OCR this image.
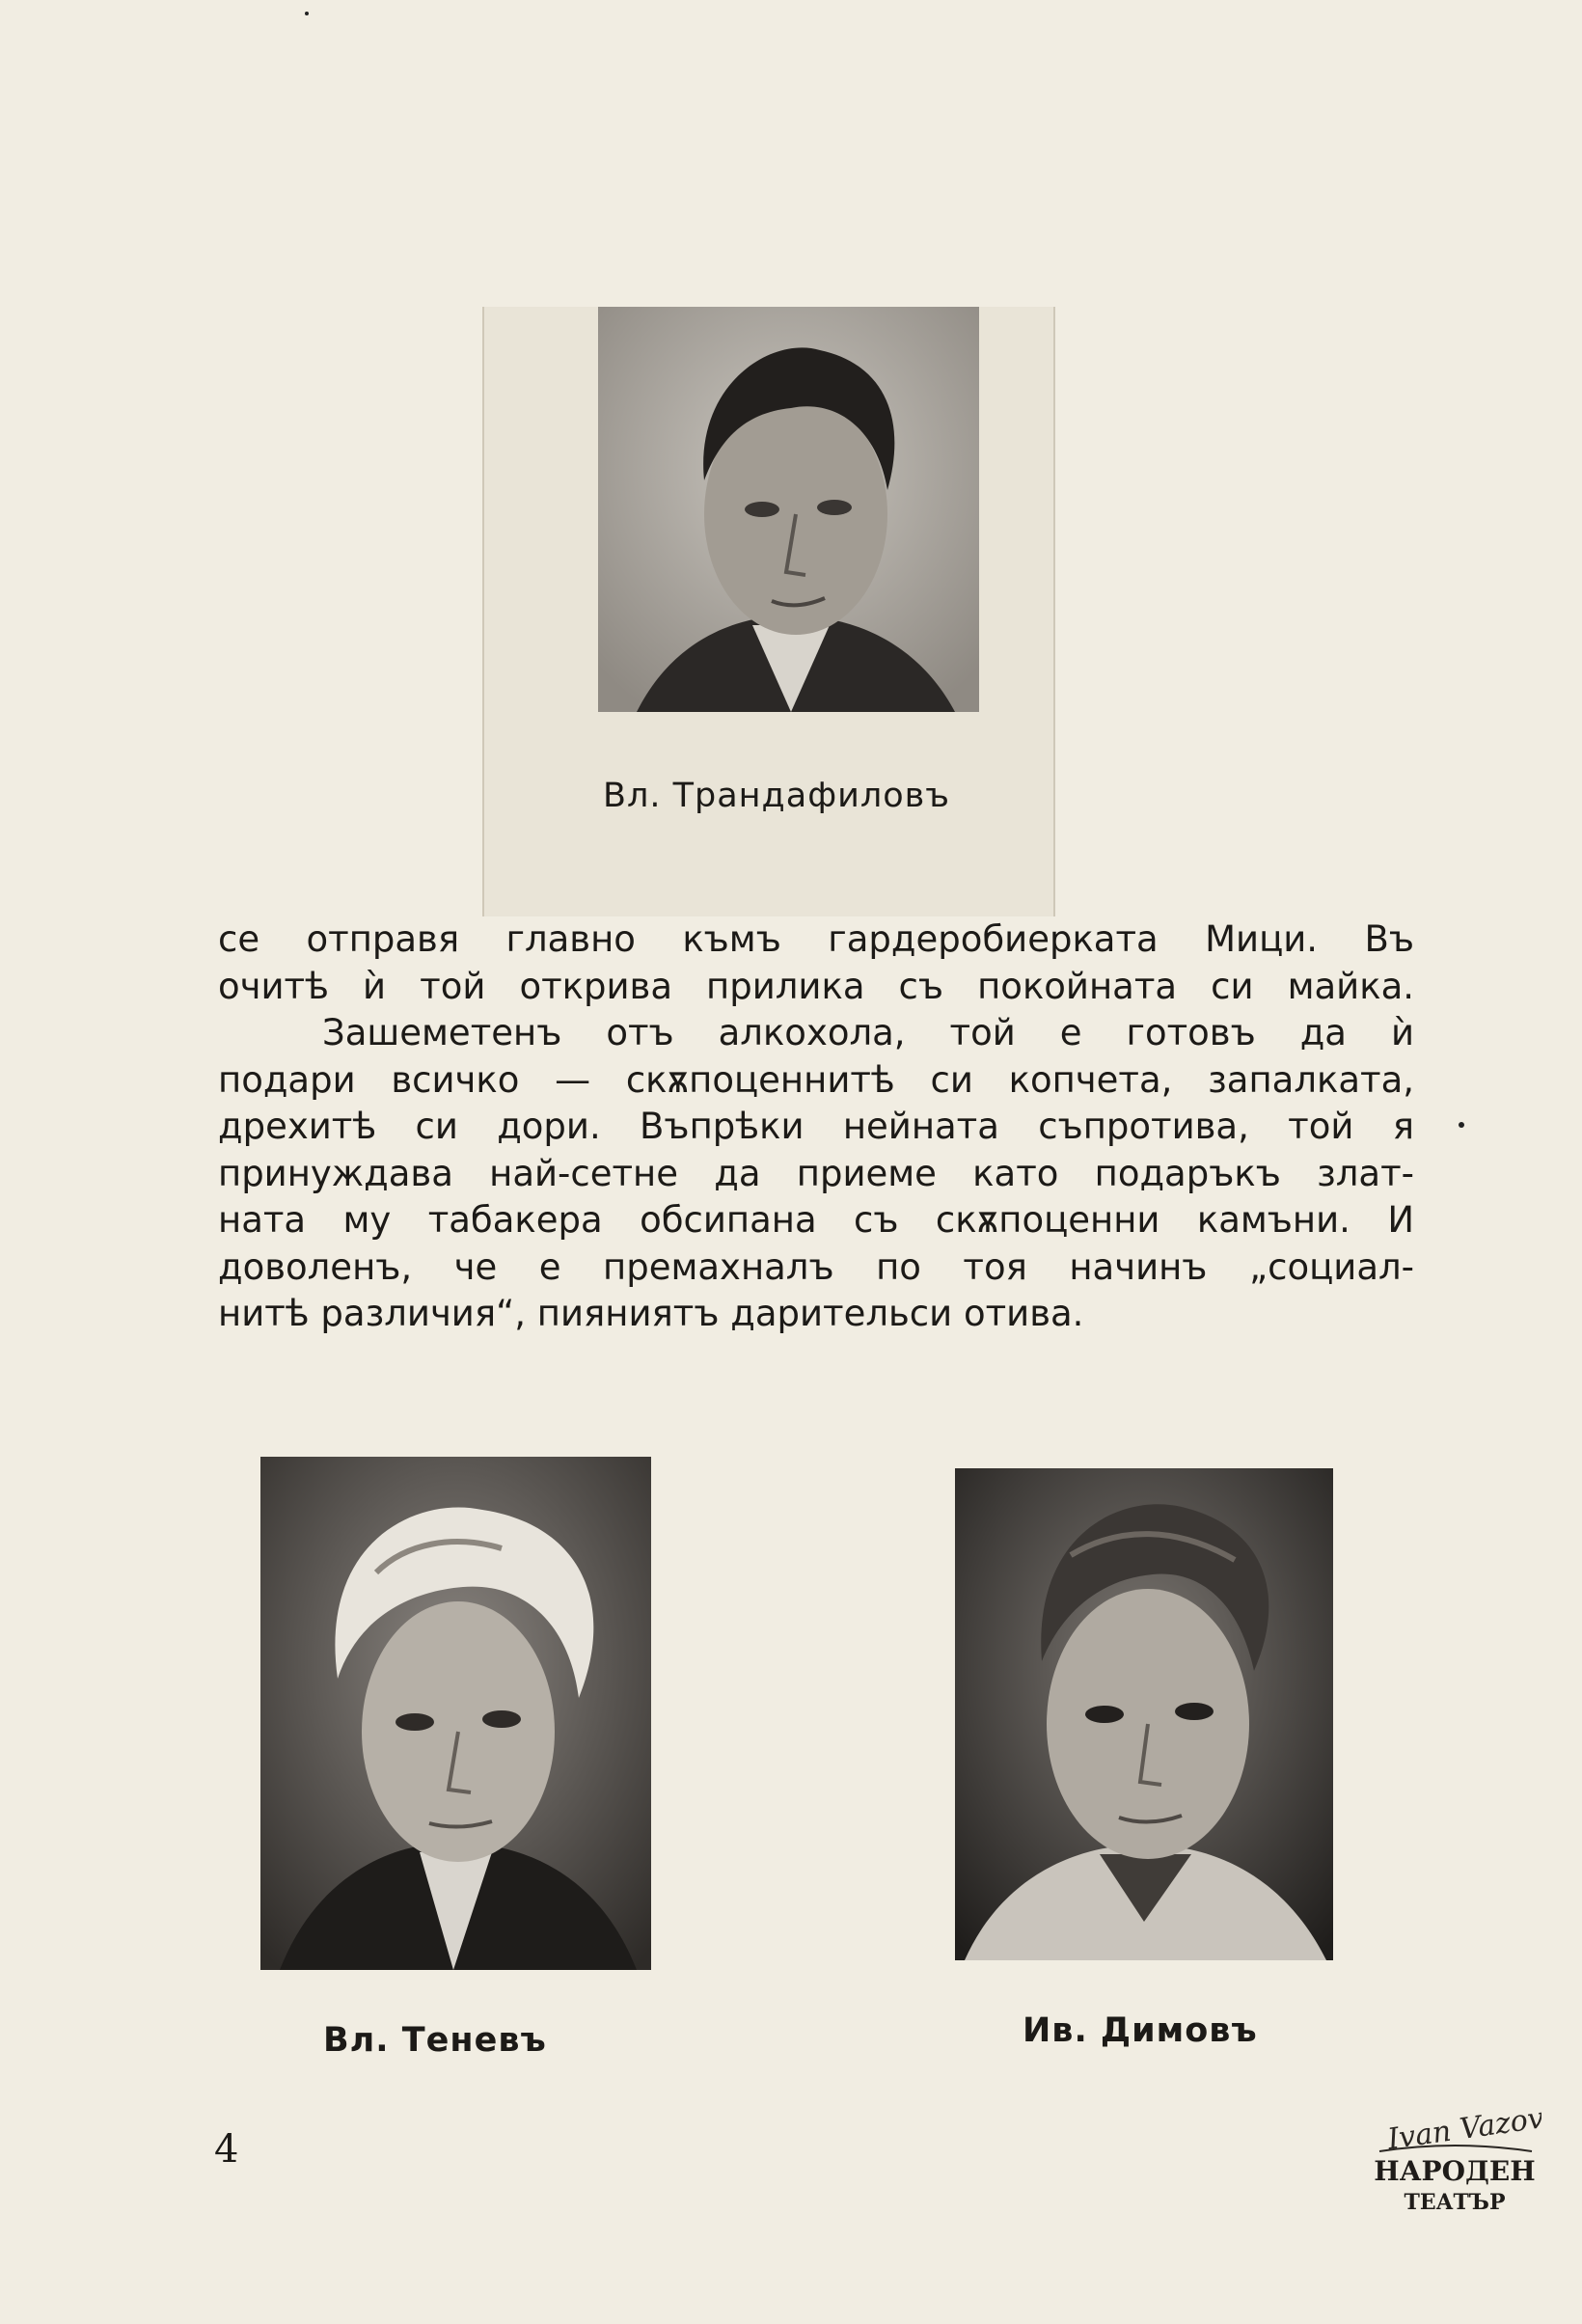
Вл. Трандафиловъ
се отправя главно къмъ гардеробиерката Мици. Въ
очитѣ ѝ той открива прилика съ покойната си майка.
Зашеметенъ отъ алкохола, той е готовъ да ѝ
подари всичко — скѫпоценнитѣ си копчета, запалката,
дрехитѣ си дори. Въпрѣки нейната съпротива, той я
принуждава най-сетне да приеме като подаръкъ злат-
ната му табакера обсипана съ скѫпоценни камъни. И
доволенъ, че е премахналъ по тоя начинъ „социал-
нитѣ различия“, пияниятъ дарительси отива.
Вл. Теневъ	Ив. Димовъ
4	Ivan Vazov
НАРОДЕН
ТЕАТЪР
